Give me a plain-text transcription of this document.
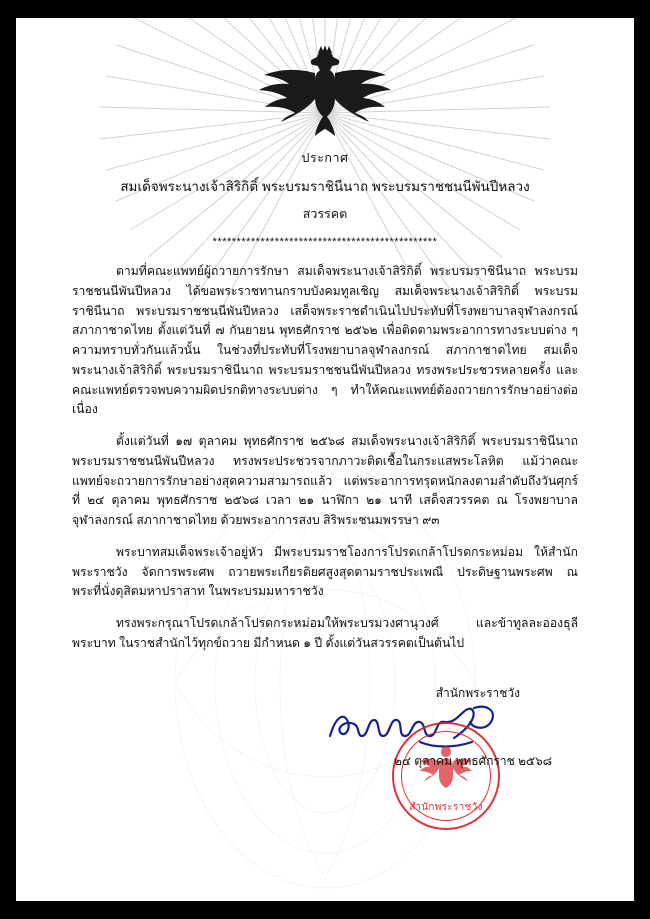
ประกาศ
สมเด็จพระนางเจ้าสิริกิติ์ พระบรมราชินีนาถ พระบรมราชชนนีพันปีหลวง
สวรรคต
***********************************************

ตามที่คณะแพทย์ผู้ถวายการรักษา สมเด็จพระนางเจ้าสิริกิติ์ พระบรมราชินีนาถ พระบรมราชชนนีพันปีหลวง ได้ขอพระราชทานกราบบังคมทูลเชิญ สมเด็จพระนางเจ้าสิริกิติ์ พระบรมราชินีนาถ พระบรมราชชนนีพันปีหลวง เสด็จพระราชดำเนินไปประทับที่โรงพยาบาลจุฬาลงกรณ์ สภากาชาดไทย ตั้งแต่วันที่ ๗ กันยายน พุทธศักราช ๒๕๖๒ เพื่อติดตามพระอาการทางระบบต่าง ๆ ความทราบทั่วกันแล้วนั้น ในช่วงที่ประทับที่โรงพยาบาลจุฬาลงกรณ์ สภากาชาดไทย สมเด็จพระนางเจ้าสิริกิติ์ พระบรมราชินีนาถ พระบรมราชชนนีพันปีหลวง ทรงพระประชวรหลายครั้ง และคณะแพทย์ตรวจพบความผิดปรกติทางระบบต่าง ๆ ทำให้คณะแพทย์ต้องถวายการรักษาอย่างต่อเนื่อง

ตั้งแต่วันที่ ๑๗ ตุลาคม พุทธศักราช ๒๕๖๘ สมเด็จพระนางเจ้าสิริกิติ์ พระบรมราชินีนาถ พระบรมราชชนนีพันปีหลวง ทรงพระประชวรจากภาวะติดเชื้อในกระแสพระโลหิต แม้ว่าคณะแพทย์จะถวายการรักษาอย่างสุดความสามารถแล้ว แต่พระอาการทรุดหนักลงตามลำดับถึงวันศุกร์ ที่ ๒๔ ตุลาคม พุทธศักราช ๒๕๖๘ เวลา ๒๑ นาฬิกา ๒๑ นาที เสด็จสวรรคต ณ โรงพยาบาลจุฬาลงกรณ์ สภากาชาดไทย ด้วยพระอาการสงบ สิริพระชนมพรรษา ๙๓

พระบาทสมเด็จพระเจ้าอยู่หัว มีพระบรมราชโองการโปรดเกล้าโปรดกระหม่อม ให้สำนักพระราชวัง จัดการพระศพ ถวายพระเกียรติยศสูงสุดตามราชประเพณี ประดิษฐานพระศพ ณ พระที่นั่งดุสิตมหาปราสาท ในพระบรมมหาราชวัง

ทรงพระกรุณาโปรดเกล้าโปรดกระหม่อมให้พระบรมวงศานุวงศ์ และข้าทูลละอองธุลีพระบาท ในราชสำนักไว้ทุกข์ถวาย มีกำหนด ๑ ปี ตั้งแต่วันสวรรคตเป็นต้นไป

สำนักพระราชวัง
สำนักพระราชวัง
๒๔ ตุลาคม พุทธศักราช ๒๕๖๘
